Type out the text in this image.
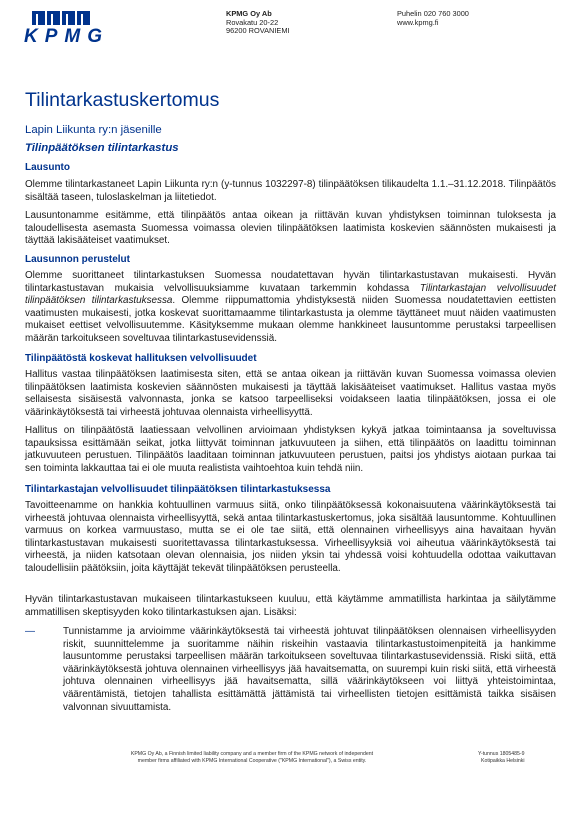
KPMG
KPMG Oy Ab
Rovakatu 20-22
96200 ROVANIEMI
Puhelin 020 760 3000
www.kpmg.fi
Tilintarkastuskertomus
Lapin Liikunta ry:n jäsenille
Tilinpäätöksen tilintarkastus
Lausunto
Olemme tilintarkastaneet Lapin Liikunta ry:n (y-tunnus 1032297-8) tilinpäätöksen tilikaudelta 1.1.–31.12.2018. Tilinpäätös sisältää taseen, tuloslaskelman ja liitetiedot.
Lausuntonamme esitämme, että tilinpäätös antaa oikean ja riittävän kuvan yhdistyksen toiminnan tuloksesta ja taloudellisesta asemasta Suomessa voimassa olevien tilinpäätöksen laatimista koskevien säännösten mukaisesti ja täyttää lakisääteiset vaatimukset.
Lausunnon perustelut
Olemme suorittaneet tilintarkastuksen Suomessa noudatettavan hyvän tilintarkastustavan mukaisesti. Hyvän tilintarkastustavan mukaisia velvollisuuksiamme kuvataan tarkemmin kohdassa Tilintarkastajan velvollisuudet tilinpäätöksen tilintarkastuksessa. Olemme riippumattomia yhdistyksestä niiden Suomessa noudatettavien eettisten vaatimusten mukaisesti, jotka koskevat suorittamaamme tilintarkastusta ja olemme täyttäneet muut näiden vaatimusten mukaiset eettiset velvollisuutemme. Käsityksemme mukaan olemme hankkineet lausuntomme perustaksi tarpeellisen määrän tarkoitukseen soveltuvaa tilintarkastusevidenssiä.
Tilinpäätöstä koskevat hallituksen velvollisuudet
Hallitus vastaa tilinpäätöksen laatimisesta siten, että se antaa oikean ja riittävän kuvan Suomessa voimassa olevien tilinpäätöksen laatimista koskevien säännösten mukaisesti ja täyttää lakisääteiset vaatimukset. Hallitus vastaa myös sellaisesta sisäisestä valvonnasta, jonka se katsoo tarpeelliseksi voidakseen laatia tilinpäätöksen, jossa ei ole väärinkäytöksestä tai virheestä johtuvaa olennaista virheellisyyttä.
Hallitus on tilinpäätöstä laatiessaan velvollinen arvioimaan yhdistyksen kykyä jatkaa toimintaansa ja soveltuvissa tapauksissa esittämään seikat, jotka liittyvät toiminnan jatkuvuuteen ja siihen, että tilinpäätös on laadittu toiminnan jatkuvuuteen perustuen. Tilinpäätös laaditaan toiminnan jatkuvuuteen perustuen, paitsi jos yhdistys aiotaan purkaa tai sen toiminta lakkauttaa tai ei ole muuta realistista vaihtoehtoa kuin tehdä niin.
Tilintarkastajan velvollisuudet tilinpäätöksen tilintarkastuksessa
Tavoitteenamme on hankkia kohtuullinen varmuus siitä, onko tilinpäätöksessä kokonaisuutena väärinkäytöksestä tai virheestä johtuvaa olennaista virheellisyyttä, sekä antaa tilintarkastuskertomus, joka sisältää lausuntomme. Kohtuullinen varmuus on korkea varmuustaso, mutta se ei ole tae siitä, että olennainen virheellisyys aina havaitaan hyvän tilintarkastustavan mukaisesti suoritettavassa tilintarkastuksessa. Virheellisyyksiä voi aiheutua väärinkäytöksestä tai virheestä, ja niiden katsotaan olevan olennaisia, jos niiden yksin tai yhdessä voisi kohtuudella odottaa vaikuttavan taloudellisiin päätöksiin, joita käyttäjät tekevät tilinpäätöksen perusteella.
Hyvän tilintarkastustavan mukaiseen tilintarkastukseen kuuluu, että käytämme ammatillista harkintaa ja säilytämme ammatillisen skeptisyyden koko tilintarkastuksen ajan. Lisäksi:
—	Tunnistamme ja arvioimme väärinkäytöksestä tai virheestä johtuvat tilinpäätöksen olennaisen virheellisyyden riskit, suunnittelemme ja suoritamme näihin riskeihin vastaavia tilintarkastustoimenpiteitä ja hankimme lausuntomme perustaksi tarpeellisen määrän tarkoitukseen soveltuvaa tilintarkastusevidenssiä. Riski siitä, että väärinkäytöksestä johtuva olennainen virheellisyys jää havaitsematta, on suurempi kuin riski siitä, että virheestä johtuva olennainen virheellisyys jää havaitsematta, sillä väärinkäytökseen voi liittyä yhteistoimintaa, väärentämistä, tietojen tahallista esittämättä jättämistä tai virheellisten tietojen esittämistä taikka sisäisen valvonnan sivuuttamista.
KPMG Oy Ab, a Finnish limited liability company and a member firm of the KPMG network of independent
member firms affiliated with KPMG International Cooperative ("KPMG International"), a Swiss entity.
Y-tunnus 1805485-9
Kotipaikka Helsinki
